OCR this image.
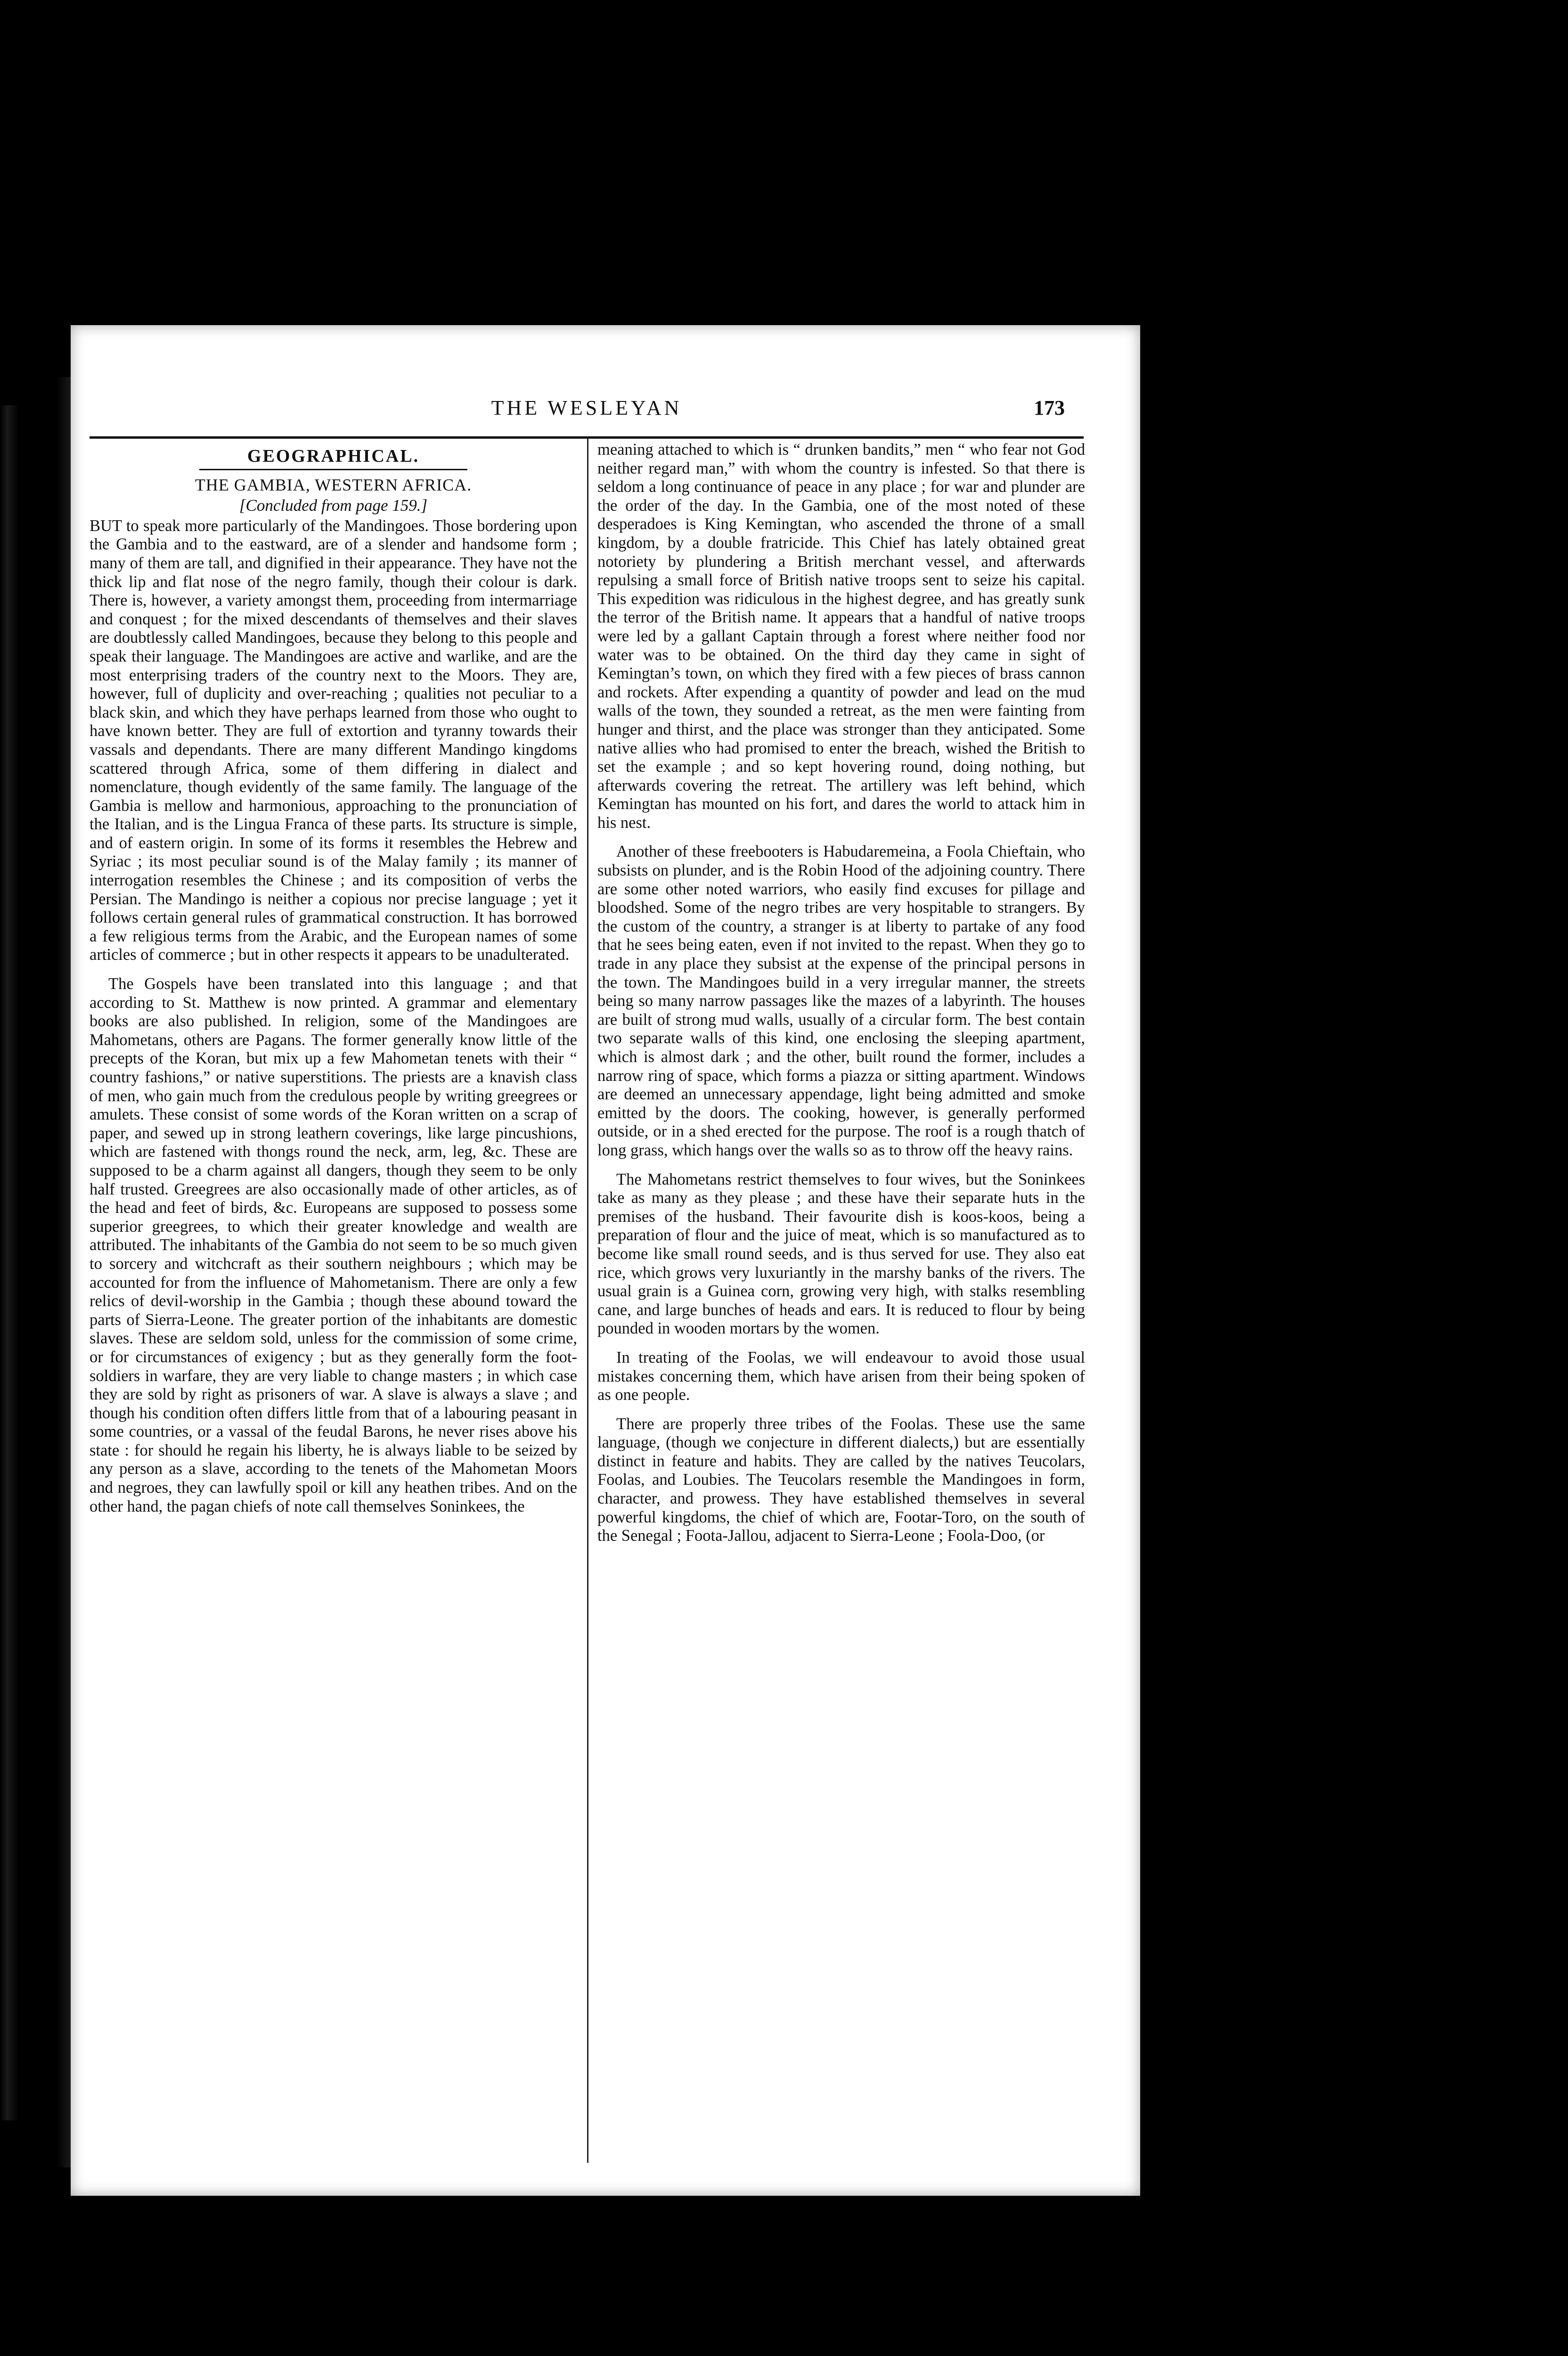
THE WESLEYAN	173
GEOGRAPHICAL.
THE GAMBIA, WESTERN AFRICA.
[Concluded from page 159.]

BUT to speak more particularly of the Mandingoes. Those bordering upon the Gambia and to the eastward, are of a slender and handsome form ; many of them are tall, and dignified in their appearance. They have not the thick lip and flat nose of the negro family, though their colour is dark. There is, however, a variety amongst them, proceeding from intermarriage and conquest ; for the mixed descendants of themselves and their slaves are doubtlessly called Mandingoes, because they belong to this people and speak their language. The Mandingoes are active and warlike, and are the most enterprising traders of the country next to the Moors. They are, however, full of duplicity and over-reaching ; qualities not peculiar to a black skin, and which they have perhaps learned from those who ought to have known better. They are full of extortion and tyranny towards their vassals and dependants. There are many different Mandingo kingdoms scattered through Africa, some of them differing in dialect and nomenclature, though evidently of the same family. The language of the Gambia is mellow and harmonious, approaching to the pronunciation of the Italian, and is the Lingua Franca of these parts. Its structure is simple, and of eastern origin. In some of its forms it resembles the Hebrew and Syriac ; its most peculiar sound is of the Malay family ; its manner of interrogation resembles the Chinese ; and its composition of verbs the Persian. The Mandingo is neither a copious nor precise language ; yet it follows certain general rules of grammatical construction. It has borrowed a few religious terms from the Arabic, and the European names of some articles of commerce ; but in other respects it appears to be unadulterated.

The Gospels have been translated into this language ; and that according to St. Matthew is now printed. A grammar and elementary books are also published. In religion, some of the Mandingoes are Mahometans, others are Pagans. The former generally know little of the precepts of the Koran, but mix up a few Mahometan tenets with their “ country fashions,” or native superstitions. The priests are a knavish class of men, who gain much from the credulous people by writing greegrees or amulets. These consist of some words of the Koran written on a scrap of paper, and sewed up in strong leathern coverings, like large pincushions, which are fastened with thongs round the neck, arm, leg, &c. These are supposed to be a charm against all dangers, though they seem to be only half trusted. Greegrees are also occasionally made of other articles, as of the head and feet of birds, &c. Europeans are supposed to possess some superior greegrees, to which their greater knowledge and wealth are attributed. The inhabitants of the Gambia do not seem to be so much given to sorcery and witchcraft as their southern neighbours ; which may be accounted for from the influence of Mahometanism. There are only a few relics of devil-worship in the Gambia ; though these abound toward the parts of Sierra-Leone. The greater portion of the inhabitants are domestic slaves. These are seldom sold, unless for the commission of some crime, or for circumstances of exigency ; but as they generally form the foot-soldiers in warfare, they are very liable to change masters ; in which case they are sold by right as prisoners of war. A slave is always a slave ; and though his condition often differs little from that of a labouring peasant in some countries, or a vassal of the feudal Barons, he never rises above his state : for should he regain his liberty, he is always liable to be seized by any person as a slave, according to the tenets of the Mahometan Moors and negroes, they can lawfully spoil or kill any heathen tribes. And on the other hand, the pagan chiefs of note call themselves Soninkees, the

meaning attached to which is “ drunken bandits,” men “ who fear not God neither regard man,” with whom the country is infested. So that there is seldom a long continuance of peace in any place ; for war and plunder are the order of the day. In the Gambia, one of the most noted of these desperadoes is King Kemingtan, who ascended the throne of a small kingdom, by a double fratricide. This Chief has lately obtained great notoriety by plundering a British merchant vessel, and afterwards repulsing a small force of British native troops sent to seize his capital. This expedition was ridiculous in the highest degree, and has greatly sunk the terror of the British name. It appears that a handful of native troops were led by a gallant Captain through a forest where neither food nor water was to be obtained. On the third day they came in sight of Kemingtan’s town, on which they fired with a few pieces of brass cannon and rockets. After expending a quantity of powder and lead on the mud walls of the town, they sounded a retreat, as the men were fainting from hunger and thirst, and the place was stronger than they anticipated. Some native allies who had promised to enter the breach, wished the British to set the example ; and so kept hovering round, doing nothing, but afterwards covering the retreat. The artillery was left behind, which Kemingtan has mounted on his fort, and dares the world to attack him in his nest.

Another of these freebooters is Habudaremeina, a Foola Chieftain, who subsists on plunder, and is the Robin Hood of the adjoining country. There are some other noted warriors, who easily find excuses for pillage and bloodshed. Some of the negro tribes are very hospitable to strangers. By the custom of the country, a stranger is at liberty to partake of any food that he sees being eaten, even if not invited to the repast. When they go to trade in any place they subsist at the expense of the principal persons in the town. The Mandingoes build in a very irregular manner, the streets being so many narrow passages like the mazes of a labyrinth. The houses are built of strong mud walls, usually of a circular form. The best contain two separate walls of this kind, one enclosing the sleeping apartment, which is almost dark ; and the other, built round the former, includes a narrow ring of space, which forms a piazza or sitting apartment. Windows are deemed an unnecessary appendage, light being admitted and smoke emitted by the doors. The cooking, however, is generally performed outside, or in a shed erected for the purpose. The roof is a rough thatch of long grass, which hangs over the walls so as to throw off the heavy rains.

The Mahometans restrict themselves to four wives, but the Soninkees take as many as they please ; and these have their separate huts in the premises of the husband. Their favourite dish is koos-koos, being a preparation of flour and the juice of meat, which is so manufactured as to become like small round seeds, and is thus served for use. They also eat rice, which grows very luxuriantly in the marshy banks of the rivers. The usual grain is a Guinea corn, growing very high, with stalks resembling cane, and large bunches of heads and ears. It is reduced to flour by being pounded in wooden mortars by the women.

In treating of the Foolas, we will endeavour to avoid those usual mistakes concerning them, which have arisen from their being spoken of as one people.

There are properly three tribes of the Foolas. These use the same language, (though we conjecture in different dialects,) but are essentially distinct in feature and habits. They are called by the natives Teucolars, Foolas, and Loubies. The Teucolars resemble the Mandingoes in form, character, and prowess. They have established themselves in several powerful kingdoms, the chief of which are, Footar-Toro, on the south of the Senegal ; Foota-Jallou, adjacent to Sierra-Leone ; Foola-Doo, (or
